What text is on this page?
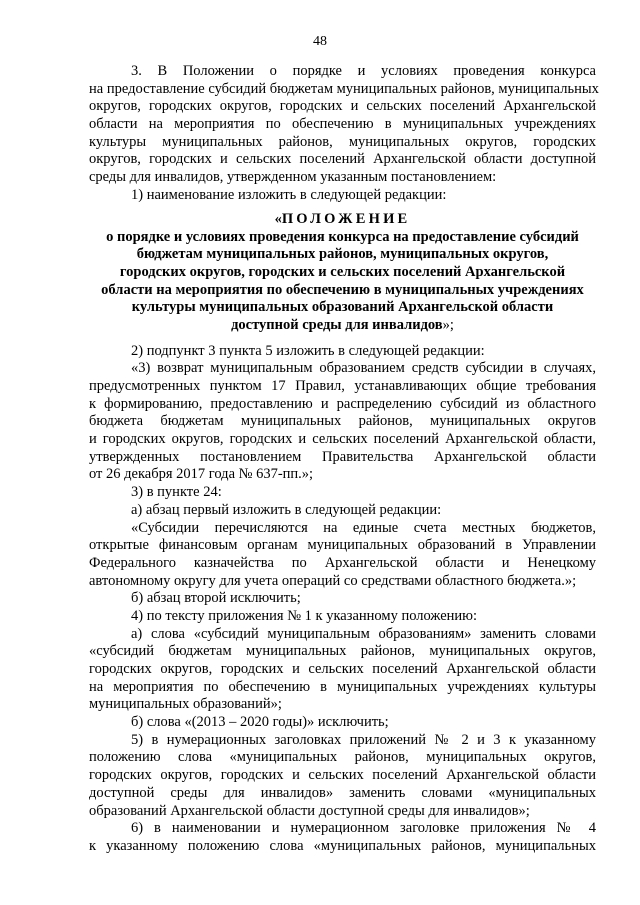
48
3. В Положении о порядке и условиях проведения конкурса
на предоставление субсидий бюджетам муниципальных районов, муниципальных
округов, городских округов, городских и сельских поселений Архангельской
области на мероприятия по обеспечению в муниципальных учреждениях
культуры муниципальных районов, муниципальных округов, городских
округов, городских и сельских поселений Архангельской области доступной
среды для инвалидов, утвержденном указанным постановлением:
1) наименование изложить в следующей редакции:
«ПОЛОЖЕНИЕ
о порядке и условиях проведения конкурса на предоставление субсидий
бюджетам муниципальных районов, муниципальных округов,
городских округов, городских и сельских поселений Архангельской
области на мероприятия по обеспечению в муниципальных учреждениях
культуры муниципальных образований Архангельской области
доступной среды для инвалидов»;
2) подпункт 3 пункта 5 изложить в следующей редакции:
«3) возврат муниципальным образованием средств субсидии в случаях,
предусмотренных пунктом 17 Правил, устанавливающих общие требования
к формированию, предоставлению и распределению субсидий из областного
бюджета бюджетам муниципальных районов, муниципальных округов
и городских округов, городских и сельских поселений Архангельской области,
утвержденных постановлением Правительства Архангельской области
от 26 декабря 2017 года № 637-пп.»;
3) в пункте 24:
а) абзац первый изложить в следующей редакции:
«Субсидии перечисляются на единые счета местных бюджетов,
открытые финансовым органам муниципальных образований в Управлении
Федерального казначейства по Архангельской области и Ненецкому
автономному округу для учета операций со средствами областного бюджета.»;
б) абзац второй исключить;
4) по тексту приложения № 1 к указанному положению:
а) слова «субсидий муниципальным образованиям» заменить словами
«субсидий бюджетам муниципальных районов, муниципальных округов,
городских округов, городских и сельских поселений Архангельской области
на мероприятия по обеспечению в муниципальных учреждениях культуры
муниципальных образований»;
б) слова «(2013 – 2020 годы)» исключить;
5) в нумерационных заголовках приложений № 2 и 3 к указанному
положению слова «муниципальных районов, муниципальных округов,
городских округов, городских и сельских поселений Архангельской области
доступной среды для инвалидов» заменить словами «муниципальных
образований Архангельской области доступной среды для инвалидов»;
6) в наименовании и нумерационном заголовке приложения № 4
к указанному положению слова «муниципальных районов, муниципальных
